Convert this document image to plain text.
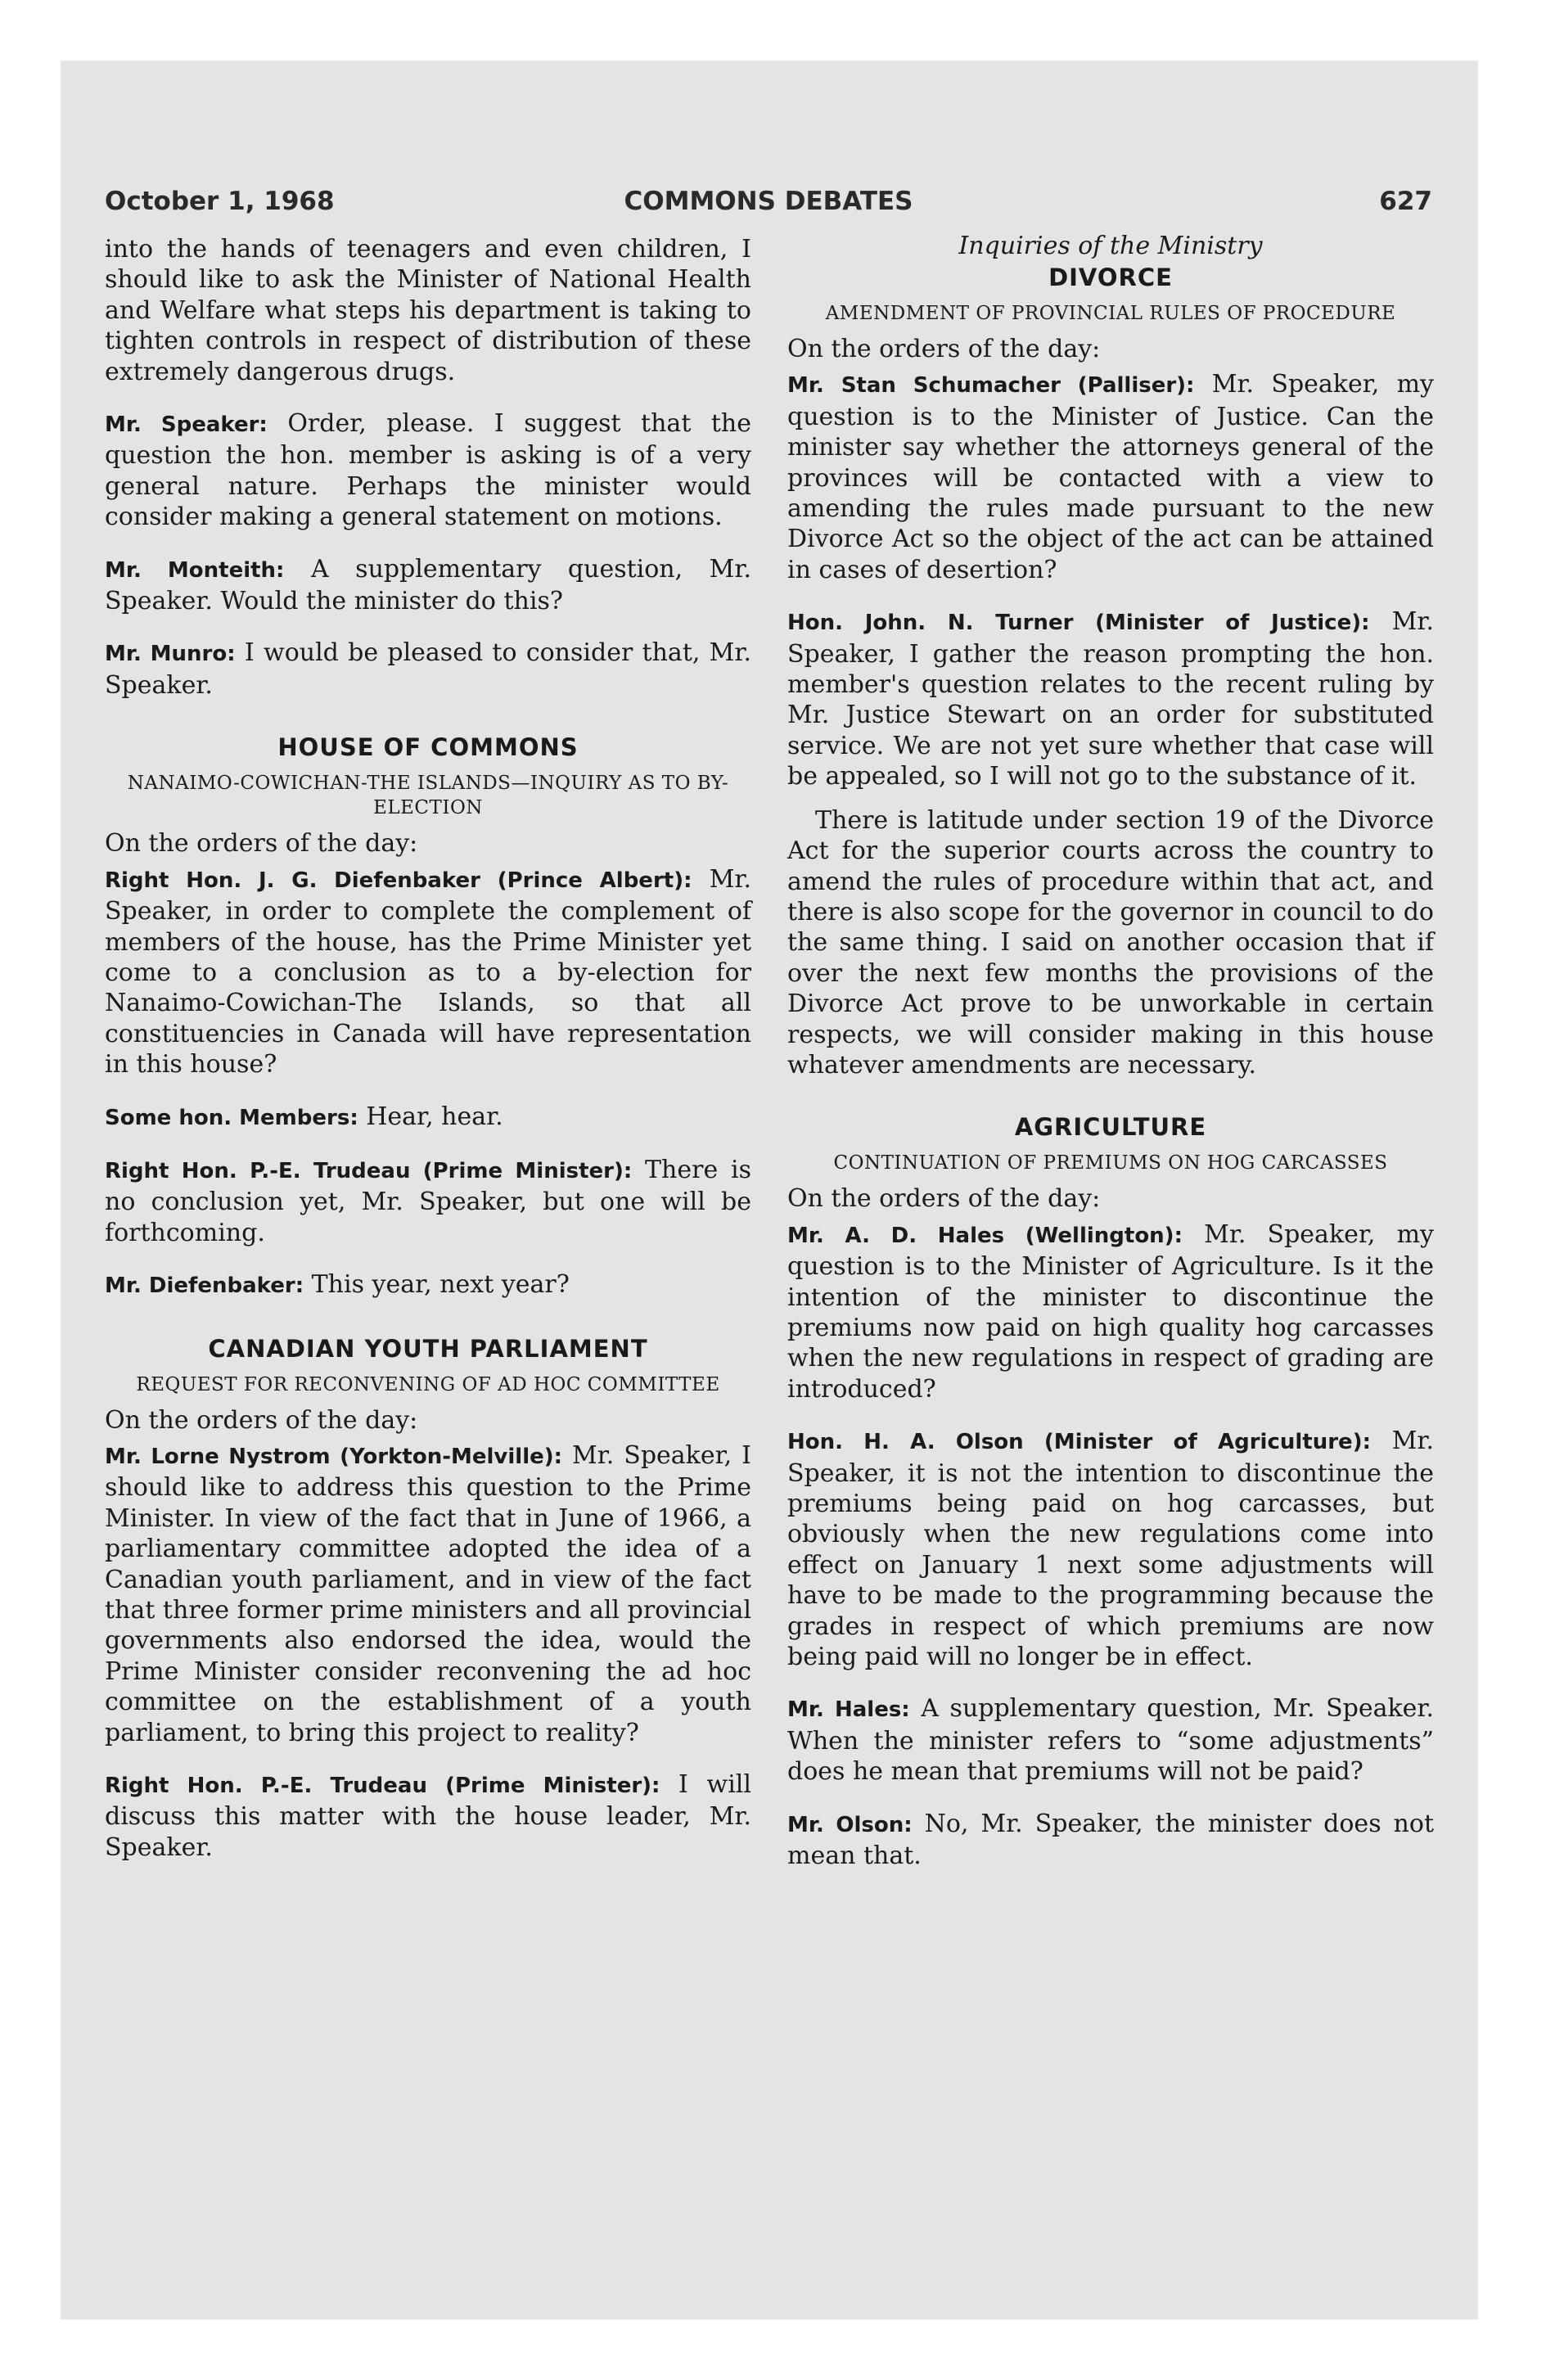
October 1, 1968	COMMONS DEBATES	627

into the hands of teenagers and even children, I should like to ask the Minister of National Health and Welfare what steps his department is taking to tighten controls in respect of distribution of these extremely dangerous drugs.

Mr. Speaker: Order, please. I suggest that the question the hon. member is asking is of a very general nature. Perhaps the minister would consider making a general statement on motions.

Mr. Monteith: A supplementary question, Mr. Speaker. Would the minister do this?

Mr. Munro: I would be pleased to consider that, Mr. Speaker.

HOUSE OF COMMONS
NANAIMO-COWICHAN-THE ISLANDS—INQUIRY AS TO BY-ELECTION

On the orders of the day:

Right Hon. J. G. Diefenbaker (Prince Albert): Mr. Speaker, in order to complete the complement of members of the house, has the Prime Minister yet come to a conclusion as to a by-election for Nanaimo-Cowichan-The Islands, so that all constituencies in Canada will have representation in this house?

Some hon. Members: Hear, hear.

Right Hon. P.-E. Trudeau (Prime Minister): There is no conclusion yet, Mr. Speaker, but one will be forthcoming.

Mr. Diefenbaker: This year, next year?

CANADIAN YOUTH PARLIAMENT
REQUEST FOR RECONVENING OF AD HOC COMMITTEE

On the orders of the day:

Mr. Lorne Nystrom (Yorkton-Melville): Mr. Speaker, I should like to address this question to the Prime Minister. In view of the fact that in June of 1966, a parliamentary committee adopted the idea of a Canadian youth parliament, and in view of the fact that three former prime ministers and all provincial governments also endorsed the idea, would the Prime Minister consider reconvening the ad hoc committee on the establishment of a youth parliament, to bring this project to reality?

Right Hon. P.-E. Trudeau (Prime Minister): I will discuss this matter with the house leader, Mr. Speaker.

Inquiries of the Ministry
DIVORCE
AMENDMENT OF PROVINCIAL RULES OF PROCEDURE

On the orders of the day:

Mr. Stan Schumacher (Palliser): Mr. Speaker, my question is to the Minister of Justice. Can the minister say whether the attorneys general of the provinces will be contacted with a view to amending the rules made pursuant to the new Divorce Act so the object of the act can be attained in cases of desertion?

Hon. John. N. Turner (Minister of Justice): Mr. Speaker, I gather the reason prompting the hon. member's question relates to the recent ruling by Mr. Justice Stewart on an order for substituted service. We are not yet sure whether that case will be appealed, so I will not go to the substance of it.

There is latitude under section 19 of the Divorce Act for the superior courts across the country to amend the rules of procedure within that act, and there is also scope for the governor in council to do the same thing. I said on another occasion that if over the next few months the provisions of the Divorce Act prove to be unworkable in certain respects, we will consider making in this house whatever amendments are necessary.

AGRICULTURE
CONTINUATION OF PREMIUMS ON HOG CARCASSES

On the orders of the day:

Mr. A. D. Hales (Wellington): Mr. Speaker, my question is to the Minister of Agriculture. Is it the intention of the minister to discontinue the premiums now paid on high quality hog carcasses when the new regulations in respect of grading are introduced?

Hon. H. A. Olson (Minister of Agriculture): Mr. Speaker, it is not the intention to discontinue the premiums being paid on hog carcasses, but obviously when the new regulations come into effect on January 1 next some adjustments will have to be made to the programming because the grades in respect of which premiums are now being paid will no longer be in effect.

Mr. Hales: A supplementary question, Mr. Speaker. When the minister refers to “some adjustments” does he mean that premiums will not be paid?

Mr. Olson: No, Mr. Speaker, the minister does not mean that.
